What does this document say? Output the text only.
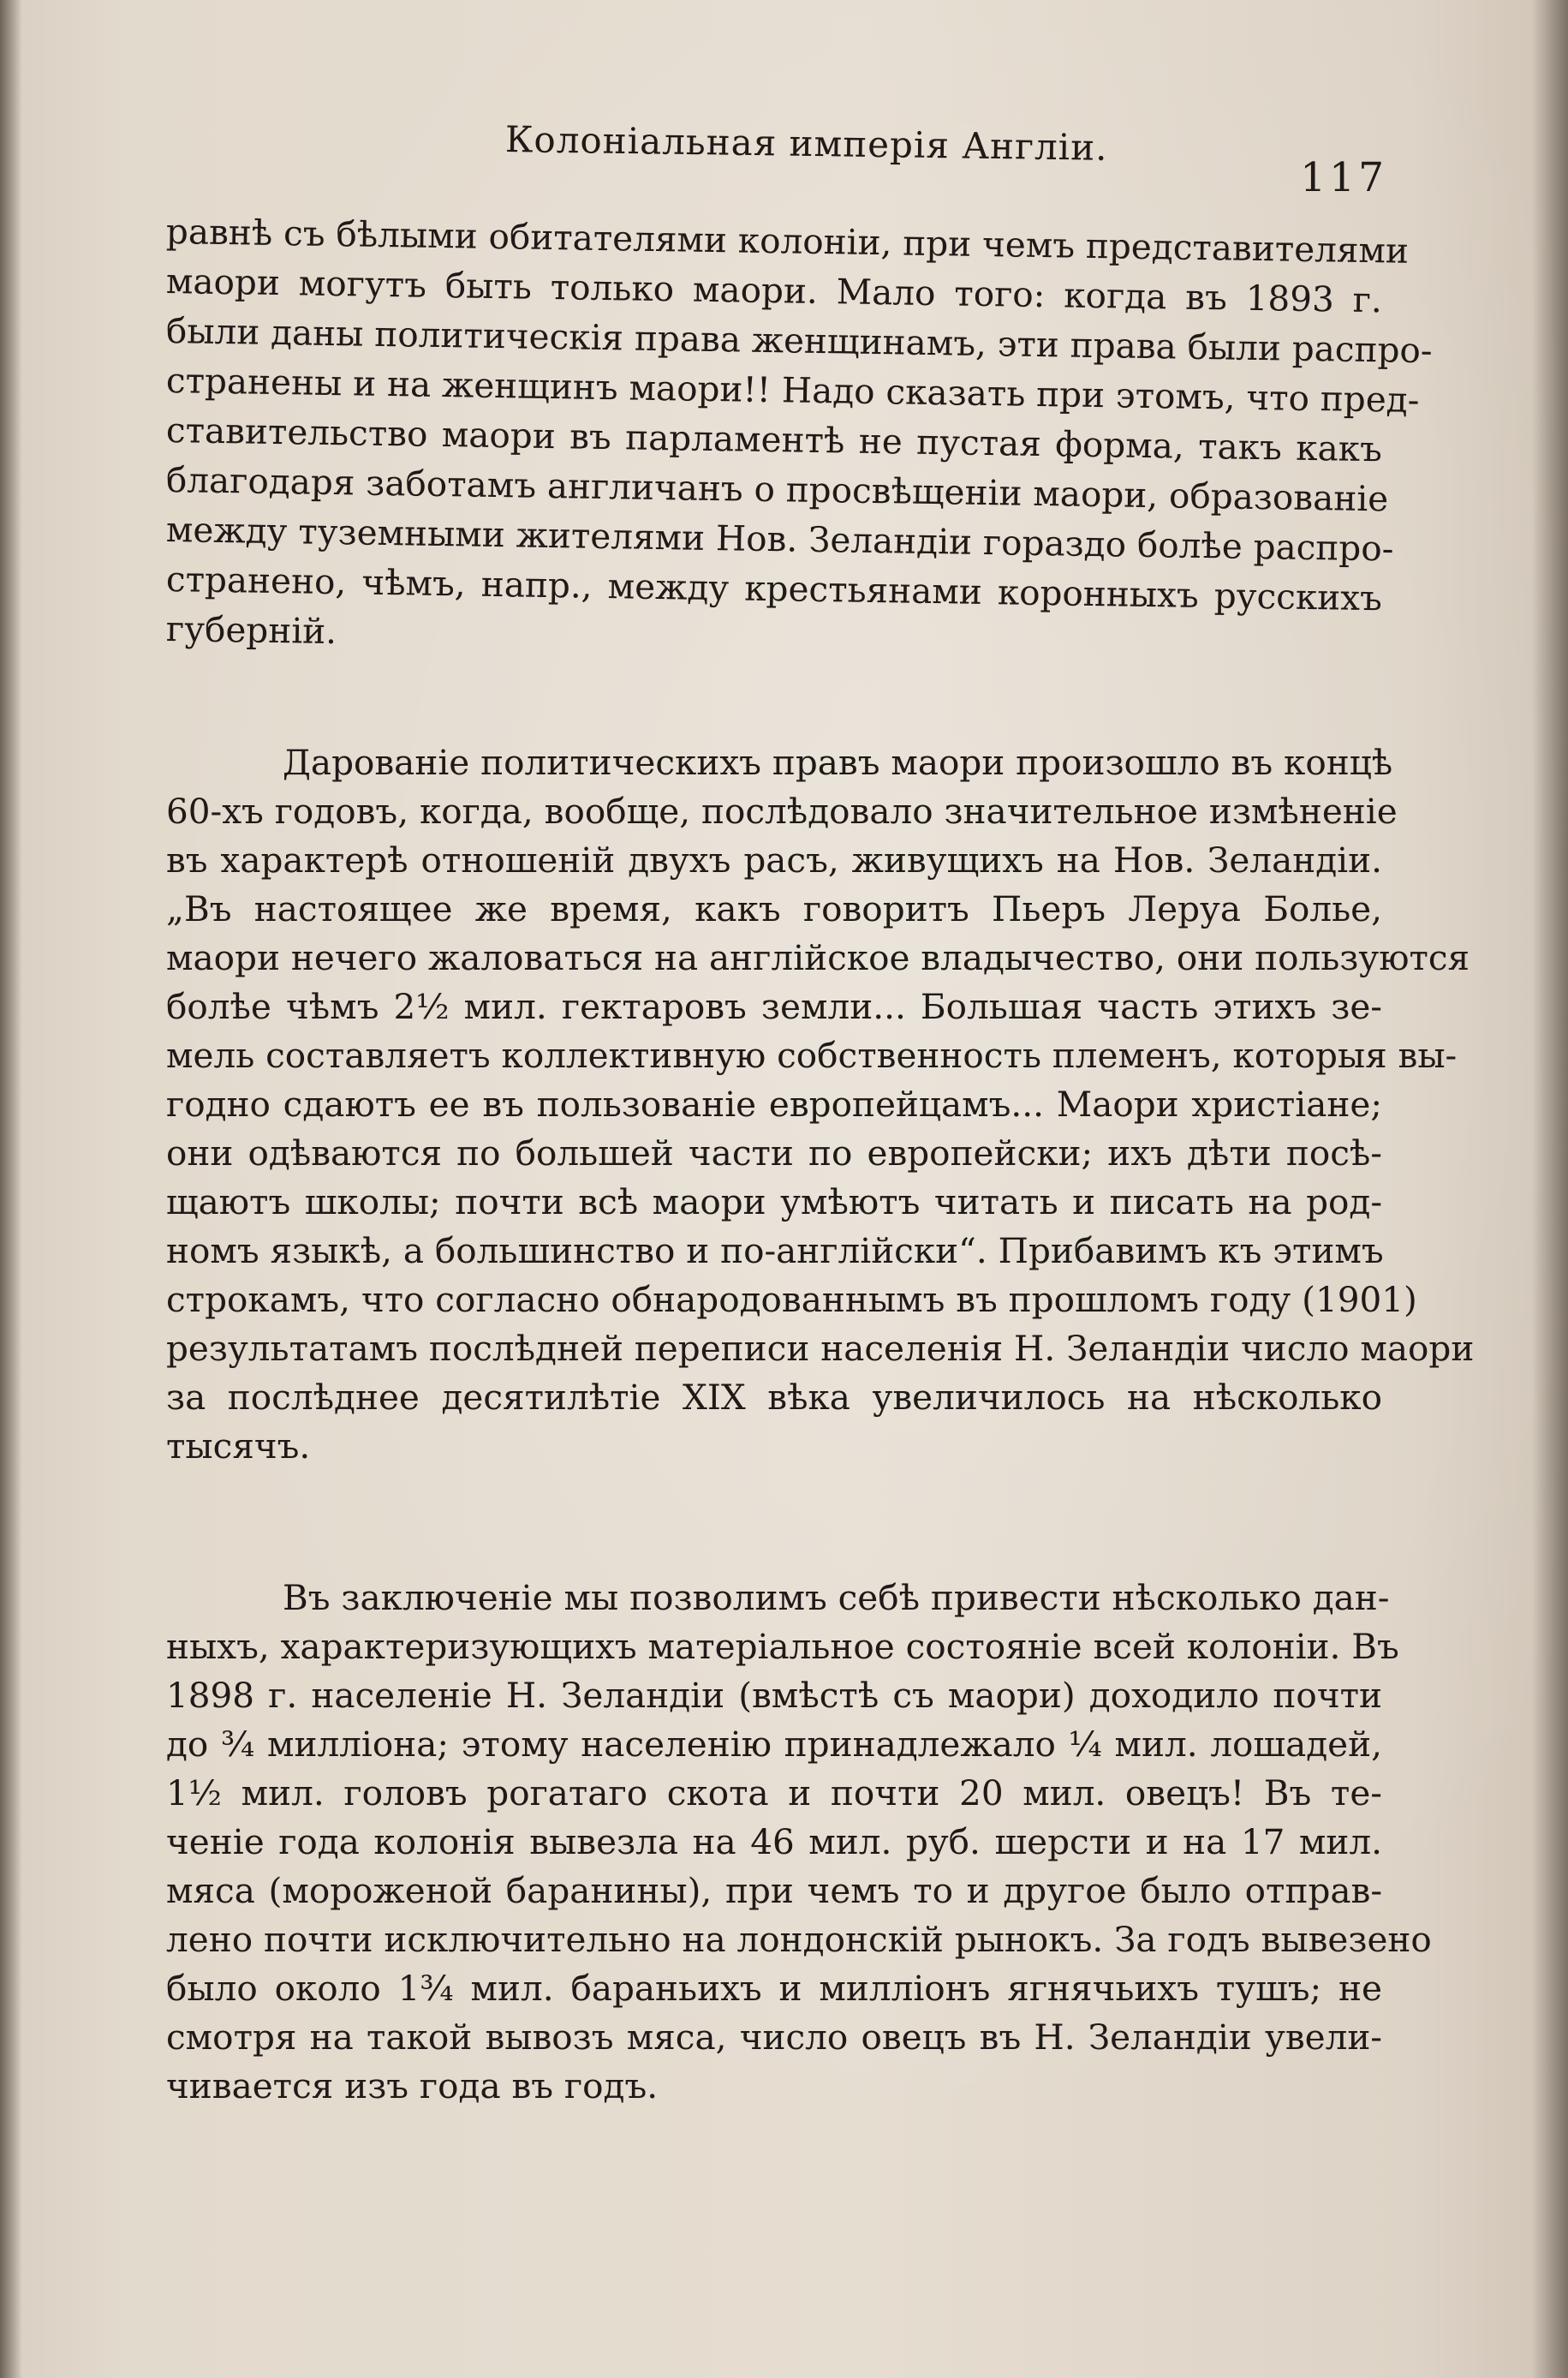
Колоніальная имперія Англіи.
117
равнѣ съ бѣлыми обитателями колоніи, при чемъ представителями
маори могутъ быть только маори. Мало того: когда въ 1893 г.
были даны политическія права женщинамъ, эти права были распро-
странены и на женщинъ маори!! Надо сказать при этомъ, что пред-
ставительство маори въ парламентѣ не пустая форма, такъ какъ
благодаря заботамъ англичанъ о просвѣщеніи маори, образованіе
между туземными жителями Нов. Зеландіи гораздо болѣе распро-
странено, чѣмъ, напр., между крестьянами коронныхъ русскихъ
губерній.
Дарованіе политическихъ правъ маори произошло въ концѣ
60-хъ годовъ, когда, вообще, послѣдовало значительное измѣненіе
въ характерѣ отношеній двухъ расъ, живущихъ на Нов. Зеландіи.
„Въ настоящее же время, какъ говоритъ Пьеръ Леруа Болье,
маори нечего жаловаться на англійское владычество, они пользуются
болѣе чѣмъ 2½ мил. гектаровъ земли... Большая часть этихъ зе-
мель составляетъ коллективную собственность племенъ, которыя вы-
годно сдаютъ ее въ пользованіе европейцамъ... Маори христіане;
они одѣваются по большей части по европейски; ихъ дѣти посѣ-
щаютъ школы; почти всѣ маори умѣютъ читать и писать на род-
номъ языкѣ, а большинство и по-англійски“. Прибавимъ къ этимъ
строкамъ, что согласно обнародованнымъ въ прошломъ году (1901)
результатамъ послѣдней переписи населенія Н. Зеландіи число маори
за послѣднее десятилѣтіе XIX вѣка увеличилось на нѣсколько
тысячъ.
Въ заключеніе мы позволимъ себѣ привести нѣсколько дан-
ныхъ, характеризующихъ матеріальное состояніе всей колоніи. Въ
1898 г. населеніе Н. Зеландіи (вмѣстѣ съ маори) доходило почти
до ¾ милліона; этому населенію принадлежало ¼ мил. лошадей,
1½ мил. головъ рогатаго скота и почти 20 мил. овецъ! Въ те-
ченіе года колонія вывезла на 46 мил. руб. шерсти и на 17 мил.
мяса (мороженой баранины), при чемъ то и другое было отправ-
лено почти исключительно на лондонскій рынокъ. За годъ вывезено
было около 1¾ мил. бараньихъ и милліонъ ягнячьихъ тушъ; не
смотря на такой вывозъ мяса, число овецъ въ Н. Зеландіи увели-
чивается изъ года въ годъ.
